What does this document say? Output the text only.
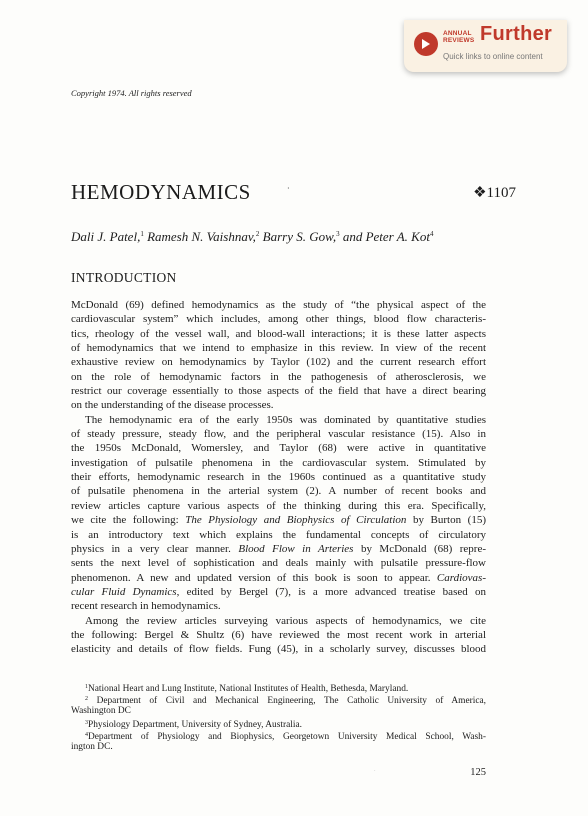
ANNUAL
REVIEWS Further
Quick links to online content
Copyright 1974. All rights reserved
HEMODYNAMICS	·	❖1107
Dali J. Patel,$^1$ Ramesh N. Vaishnav,$^2$ Barry S. Gow,$^3$ and Peter A. Kot$^4$
INTRODUCTION
McDonald (69) defined hemodynamics as the study of “the physical aspect of the
cardiovascular system” which includes, among other things, blood flow characteris-
tics, rheology of the vessel wall, and blood-wall interactions; it is these latter aspects
of hemodynamics that we intend to emphasize in this review. In view of the recent
exhaustive review on hemodynamics by Taylor (102) and the current research effort
on the role of hemodynamic factors in the pathogenesis of atherosclerosis, we
restrict our coverage essentially to those aspects of the field that have a direct bearing
on the understanding of the disease processes.
The hemodynamic era of the early 1950s was dominated by quantitative studies
of steady pressure, steady flow, and the peripheral vascular resistance (15). Also in
the 1950s McDonald, Womersley, and Taylor (68) were active in quantitative
investigation of pulsatile phenomena in the cardiovascular system. Stimulated by
their efforts, hemodynamic research in the 1960s continued as a quantitative study
of pulsatile phenomena in the arterial system (2). A number of recent books and
review articles capture various aspects of the thinking during this era. Specifically,
we cite the following: The Physiology and Biophysics of Circulation by Burton (15)
is an introductory text which explains the fundamental concepts of circulatory
physics in a very clear manner. Blood Flow in Arteries by McDonald (68) repre-
sents the next level of sophistication and deals mainly with pulsatile pressure-flow
phenomenon. A new and updated version of this book is soon to appear. Cardiovas-
cular Fluid Dynamics, edited by Bergel (7), is a more advanced treatise based on
recent research in hemodynamics.
Among the review articles surveying various aspects of hemodynamics, we cite
the following: Bergel & Shultz (6) have reviewed the most recent work in arterial
elasticity and details of flow fields. Fung (45), in a scholarly survey, discusses blood
$^1$National Heart and Lung Institute, National Institutes of Health, Bethesda, Maryland.
$^2$ Department of Civil and Mechanical Engineering, The Catholic University of America,
Washington DC
$^3$Physiology Department, University of Sydney, Australia.
$^4$Department of Physiology and Biophysics, Georgetown University Medical School, Wash-
ington DC.
·	125
